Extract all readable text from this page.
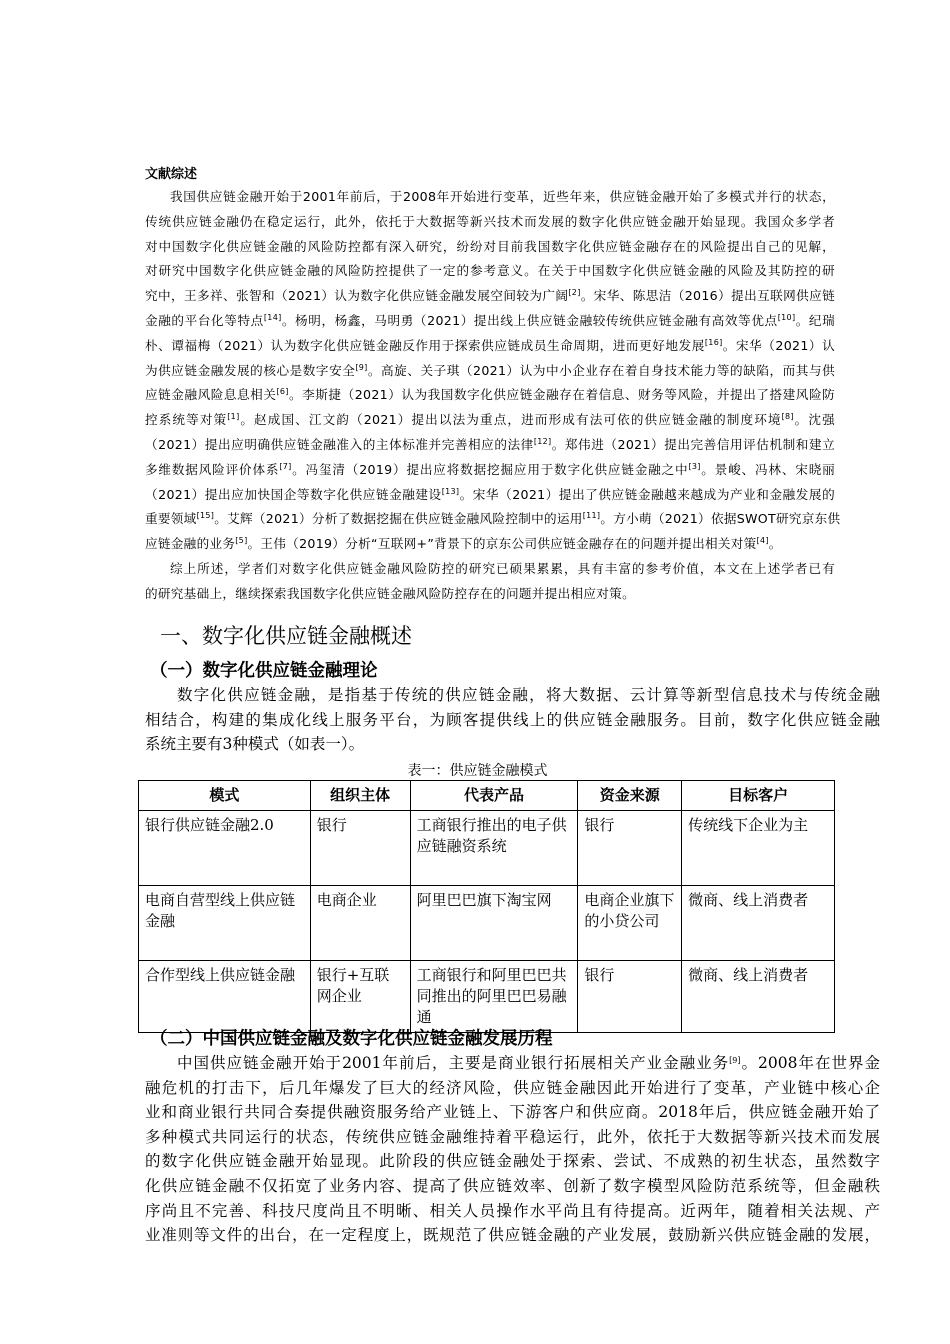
文献综述
我国供应链金融开始于2001年前后，于2008年开始进行变革，近些年来，供应链金融开始了多模式并行的状态，
传统供应链金融仍在稳定运行，此外，依托于大数据等新兴技术而发展的数字化供应链金融开始显现。我国众多学者
对中国数字化供应链金融的风险防控都有深入研究，纷纷对目前我国数字化供应链金融存在的风险提出自己的见解，
对研究中国数字化供应链金融的风险防控提供了一定的参考意义。在关于中国数字化供应链金融的风险及其防控的研
究中，王多祥、张智和（2021）认为数字化供应链金融发展空间较为广阔[2]。宋华、陈思洁（2016）提出互联网供应链
金融的平台化等特点[14]。杨明，杨鑫，马明勇（2021）提出线上供应链金融较传统供应链金融有高效等优点[10]。纪瑞
朴、谭福梅（2021）认为数字化供应链金融反作用于探索供应链成员生命周期，进而更好地发展[16]。宋华（2021）认
为供应链金融发展的核心是数字安全[9]。高旋、关子琪（2021）认为中小企业存在着自身技术能力等的缺陷，而其与供
应链金融风险息息相关[6]。李斯捷（2021）认为我国数字化供应链金融存在着信息、财务等风险，并提出了搭建风险防
控系统等对策[1]。赵成国、江文韵（2021）提出以法为重点，进而形成有法可依的供应链金融的制度环境[8]。沈强
（2021）提出应明确供应链金融准入的主体标准并完善相应的法律[12]。郑伟进（2021）提出完善信用评估机制和建立
多维数据风险评价体系[7]。冯玺清（2019）提出应将数据挖掘应用于数字化供应链金融之中[3]。景峻、冯林、宋晓丽
（2021）提出应加快国企等数字化供应链金融建设[13]。宋华（2021）提出了供应链金融越来越成为产业和金融发展的
重要领域[15]。艾辉（2021）分析了数据挖掘在供应链金融风险控制中的运用[11]。方小萌（2021）依据SWOT研究京东供
应链金融的业务[5]。王伟（2019）分析“互联网+”背景下的京东公司供应链金融存在的问题并提出相关对策[4]。
综上所述，学者们对数字化供应链金融风险防控的研究已硕果累累，具有丰富的参考价值，本文在上述学者已有
的研究基础上，继续探索我国数字化供应链金融风险防控存在的问题并提出相应对策。
一、数字化供应链金融概述
（一）数字化供应链金融理论
数字化供应链金融，是指基于传统的供应链金融，将大数据、云计算等新型信息技术与传统金融
相结合，构建的集成化线上服务平台，为顾客提供线上的供应链金融服务。目前，数字化供应链金融
系统主要有3种模式（如表一）。
表一：供应链金融模式
模式	组织主体	代表产品	资金来源	目标客户
银行供应链金融2.0	银行	工商银行推出的电子供应链融资系统	银行	传统线下企业为主
电商自营型线上供应链金融	电商企业	阿里巴巴旗下淘宝网	电商企业旗下的小贷公司	微商、线上消费者
合作型线上供应链金融	银行+互联网企业	工商银行和阿里巴巴共同推出的阿里巴巴易融通	银行	微商、线上消费者
（二）中国供应链金融及数字化供应链金融发展历程
中国供应链金融开始于2001年前后，主要是商业银行拓展相关产业金融业务[9]。2008年在世界金
融危机的打击下，后几年爆发了巨大的经济风险，供应链金融因此开始进行了变革，产业链中核心企
业和商业银行共同合奏提供融资服务给产业链上、下游客户和供应商。2018年后，供应链金融开始了
多种模式共同运行的状态，传统供应链金融维持着平稳运行，此外，依托于大数据等新兴技术而发展
的数字化供应链金融开始显现。此阶段的供应链金融处于探索、尝试、不成熟的初生状态，虽然数字
化供应链金融不仅拓宽了业务内容、提高了供应链效率、创新了数字模型风险防范系统等，但金融秩
序尚且不完善、科技尺度尚且不明晰、相关人员操作水平尚且有待提高。近两年，随着相关法规、产
业准则等文件的出台，在一定程度上，既规范了供应链金融的产业发展，鼓励新兴供应链金融的发展，
